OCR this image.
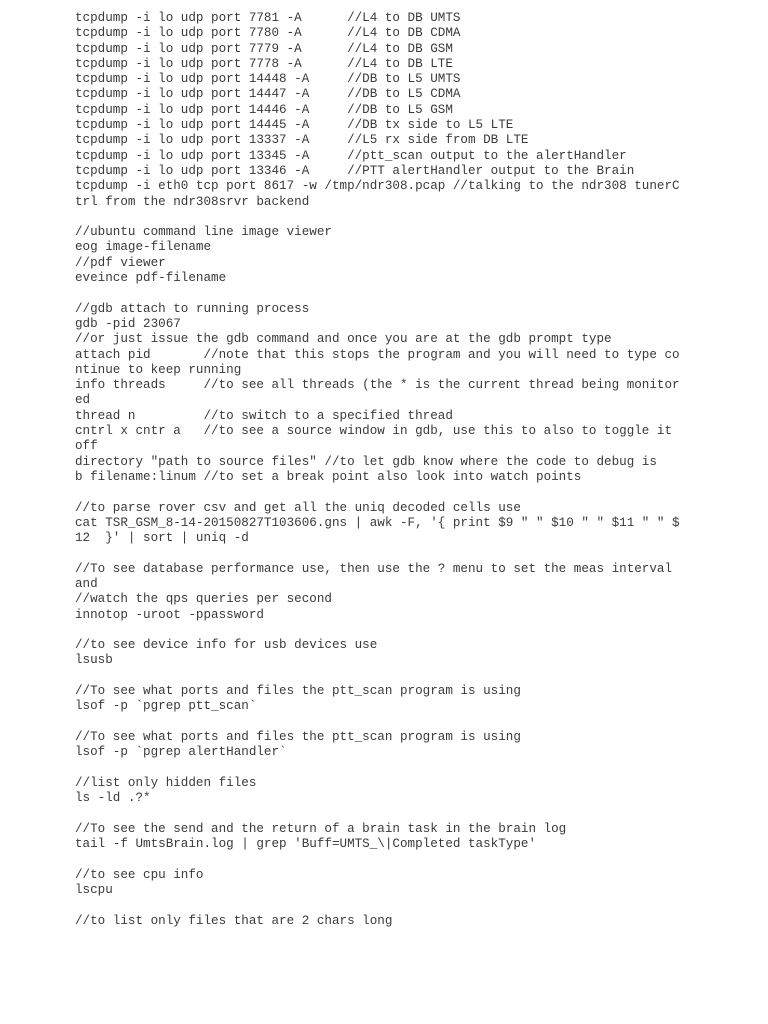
tcpdump -i lo udp port 7781 -A      //L4 to DB UMTS
tcpdump -i lo udp port 7780 -A      //L4 to DB CDMA
tcpdump -i lo udp port 7779 -A      //L4 to DB GSM
tcpdump -i lo udp port 7778 -A      //L4 to DB LTE
tcpdump -i lo udp port 14448 -A     //DB to L5 UMTS
tcpdump -i lo udp port 14447 -A     //DB to L5 CDMA
tcpdump -i lo udp port 14446 -A     //DB to L5 GSM
tcpdump -i lo udp port 14445 -A     //DB tx side to L5 LTE
tcpdump -i lo udp port 13337 -A     //L5 rx side from DB LTE
tcpdump -i lo udp port 13345 -A     //ptt_scan output to the alertHandler
tcpdump -i lo udp port 13346 -A     //PTT alertHandler output to the Brain
tcpdump -i eth0 tcp port 8617 -w /tmp/ndr308.pcap //talking to the ndr308 tunerC
trl from the ndr308srvr backend
//ubuntu command line image viewer
eog image-filename
//pdf viewer
eveince pdf-filename
//gdb attach to running process
gdb -pid 23067
//or just issue the gdb command and once you are at the gdb prompt type
attach pid       //note that this stops the program and you will need to type co
ntinue to keep running
info threads     //to see all threads (the * is the current thread being monitor
ed
thread n         //to switch to a specified thread
cntrl x cntr a   //to see a source window in gdb, use this to also to toggle it
off
directory "path to source files" //to let gdb know where the code to debug is
b filename:linum //to set a break point also look into watch points
//to parse rover csv and get all the uniq decoded cells use
cat TSR_GSM_8-14-20150827T103606.gns | awk -F, '{ print $9 " " $10 " " $11 " " $
12  }' | sort | uniq -d
//To see database performance use, then use the ? menu to set the meas interval
and
//watch the qps queries per second
innotop -uroot -ppassword
//to see device info for usb devices use
lsusb
//To see what ports and files the ptt_scan program is using
lsof -p `pgrep ptt_scan`
//To see what ports and files the ptt_scan program is using
lsof -p `pgrep alertHandler`
//list only hidden files
ls -ld .?*
//To see the send and the return of a brain task in the brain log
tail -f UmtsBrain.log | grep 'Buff=UMTS_\|Completed taskType'
//to see cpu info
lscpu
//to list only files that are 2 chars long
